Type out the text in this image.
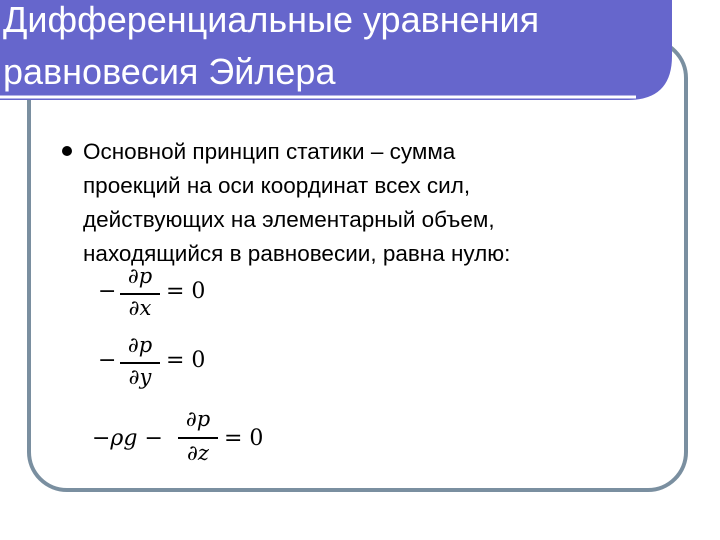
Дифференциальные уравнения
равновесия Эйлера
Основной принцип статики – сумма
проекций на оси координат всех сил,
действующих на элементарный объем,
находящийся в равновесии, равна нулю:
−
∂p
∂x
= 0
−
∂p
∂y
= 0
−ρg −
∂p
∂z
= 0
